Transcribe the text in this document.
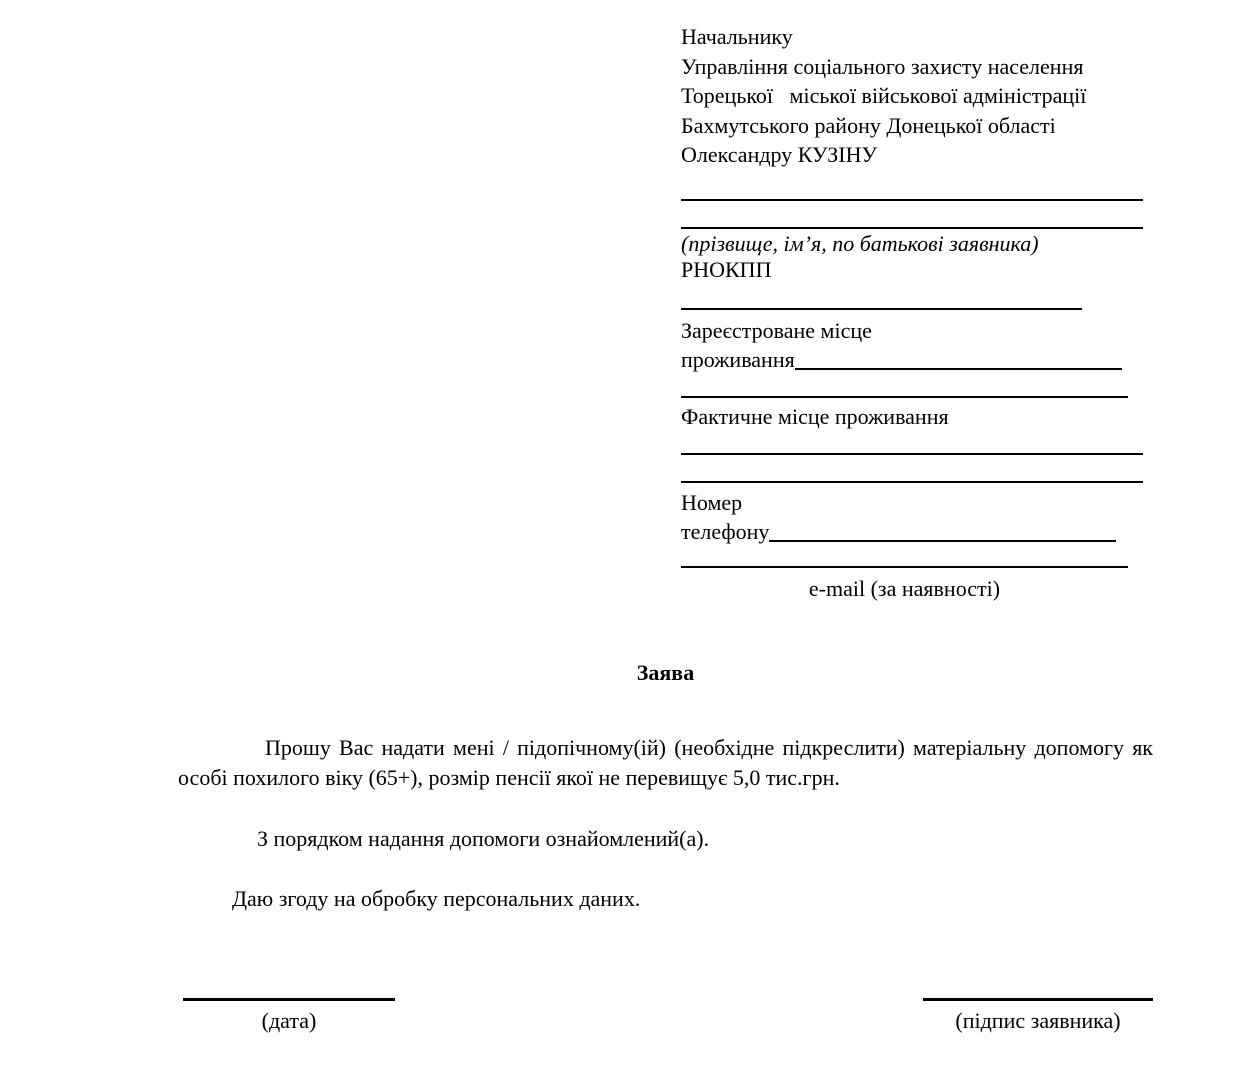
Начальнику
Управління соціального захисту населення
Торецької   міської військової адміністрації
Бахмутського району Донецької області
Олександру КУЗІНУ
(прізвище, ім’я, по батькові заявника)
РНОКПП
Зареєстроване місце
проживання
Фактичне місце проживання
Номер
телефону
e-mail (за наявності)
Заява
Прошу Вас надати мені / підопічному(ій) (необхідне підкреслити) матеріальну допомогу як особі похилого віку (65+), розмір пенсії якої не перевищує 5,0 тис.грн.
З порядком надання допомоги ознайомлений(а).
Даю згоду на обробку персональних даних.
(дата)	(підпис заявника)
